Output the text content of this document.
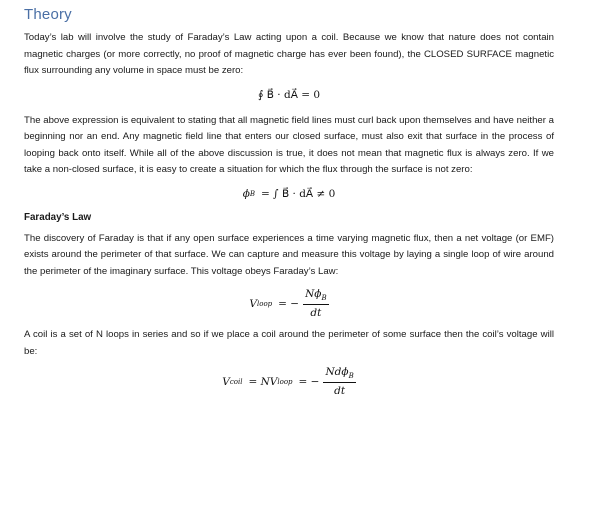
Theory

Today’s lab will involve the study of Faraday’s Law acting upon a coil. Because we know that nature does not contain magnetic charges (or more correctly, no proof of magnetic charge has ever been found), the CLOSED SURFACE magnetic flux surrounding any volume in space must be zero:

∮ B⃗ · dA⃗ = 0

The above expression is equivalent to stating that all magnetic field lines must curl back upon themselves and have neither a beginning nor an end. Any magnetic field line that enters our closed surface, must also exit that surface in the process of looping back onto itself. While all of the above discussion is true, it does not mean that magnetic flux is always zero. If we take a non-closed surface, it is easy to create a situation for which the flux through the surface is not zero:

ϕ B = ∫ B⃗ · dA⃗ ≠ 0
Faraday’s Law

The discovery of Faraday is that if any open surface experiences a time varying magnetic flux, then a net voltage (or EMF) exists around the perimeter of that surface. We can capture and measure this voltage by laying a single loop of wire around the perimeter of the imaginary surface. This voltage obeys Faraday’s Law:

V loop = − $\frac{N\phi_B}{dt}$

A coil is a set of N loops in series and so if we place a coil around the perimeter of some surface then the coil’s voltage will be:

V coil = NV loop = − $\frac{Nd\phi_B}{dt}$
